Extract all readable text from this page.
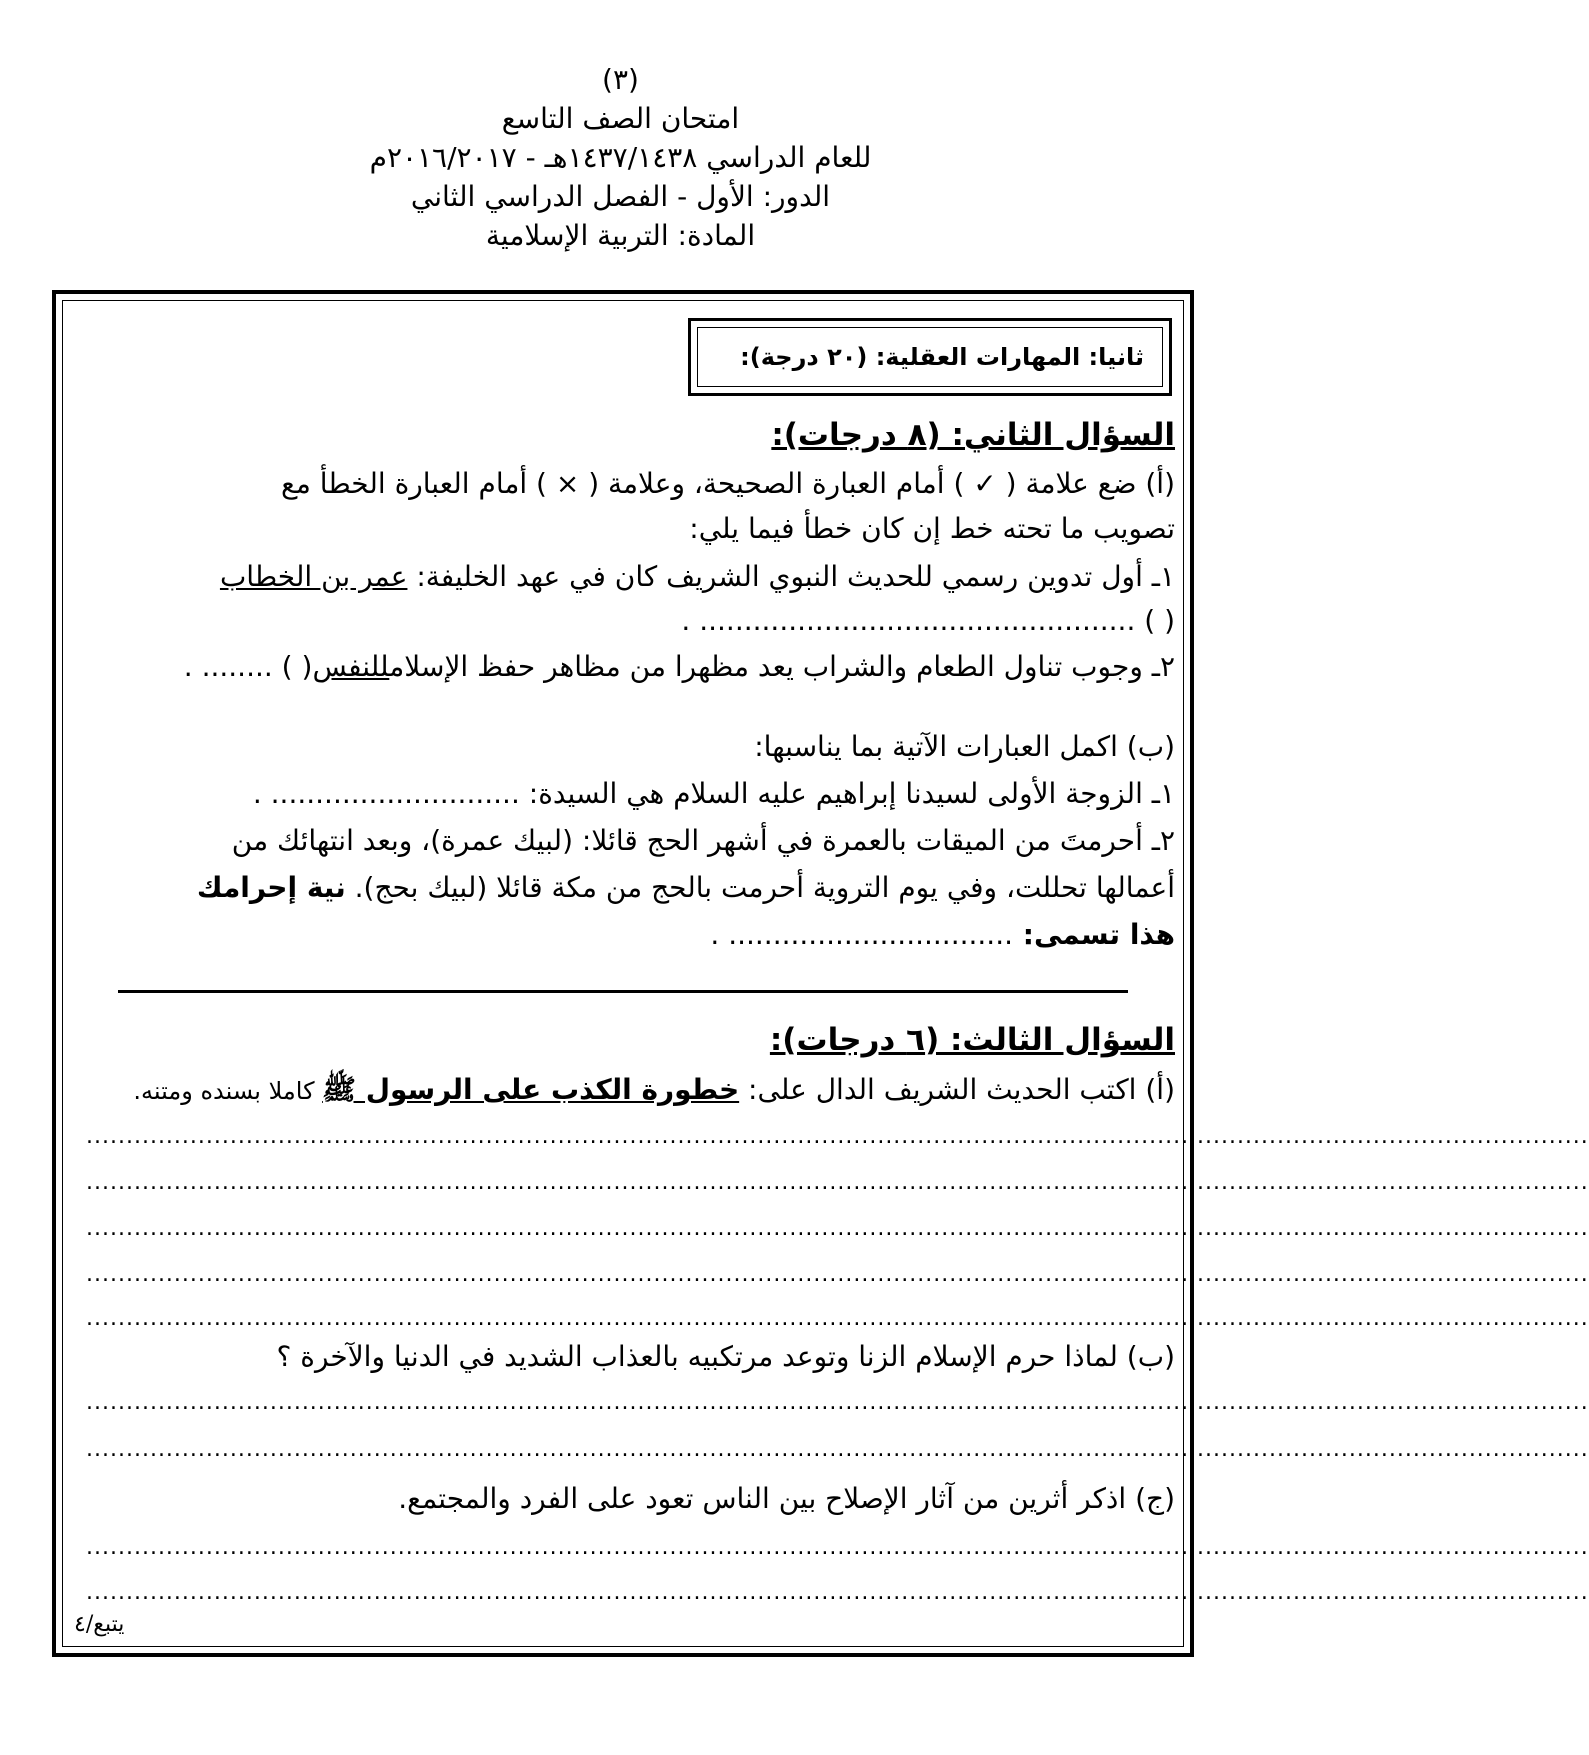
(٣)
امتحان الصف التاسع
للعام الدراسي ١٤٣٧/١٤٣٨هـ - ٢٠١٦/٢٠١٧م
الدور: الأول - الفصل الدراسي الثاني
المادة: التربية الإسلامية
ثانيا: المهارات العقلية: (٢٠ درجة):
السؤال الثاني: (٨ درجات):
(أ) ضع علامة ( ✓ ) أمام العبارة الصحيحة، وعلامة ( × ) أمام العبارة الخطأ مع
تصويب ما تحته خط إن كان خطأ فيما يلي:
١ـ أول تدوين رسمي للحديث النبوي الشريف كان في عهد الخليفة: عمر بن الخطاب
( ) ................................................. .
٢ـ وجوب تناول الطعام والشراب يعد مظهرا من مظاهر حفظ الإسلامللنفس( ) ........ .
(ب) اكمل العبارات الآتية بما يناسبها:
١ـ الزوجة الأولى لسيدنا إبراهيم عليه السلام هي السيدة: ............................ .
٢ـ أحرمتَ من الميقات بالعمرة في أشهر الحج قائلا: (لبيك عمرة)، وبعد انتهائك من
أعمالها تحللت، وفي يوم التروية أحرمت بالحج من مكة قائلا (لبيك بحج). نية إحرامك
هذا تسمى: ................................ .
السؤال الثالث: (٦ درجات):
(أ) اكتب الحديث الشريف الدال على: خطورة الكذب على الرسول ﷺ كاملا بسنده ومتنه.
............................................................................................................................................................................................
............................................................................................................................................................................................
............................................................................................................................................................................................
............................................................................................................................................................................................
............................................................................................................................................................................................
(ب) لماذا حرم الإسلام الزنا وتوعد مرتكبيه بالعذاب الشديد في الدنيا والآخرة ؟
............................................................................................................................................................................................
............................................................................................................................................................................................
(ج) اذكر أثرين من آثار الإصلاح بين الناس تعود على الفرد والمجتمع.
............................................................................................................................................................................................
............................................................................................................................................................................................
يتبع/٤
